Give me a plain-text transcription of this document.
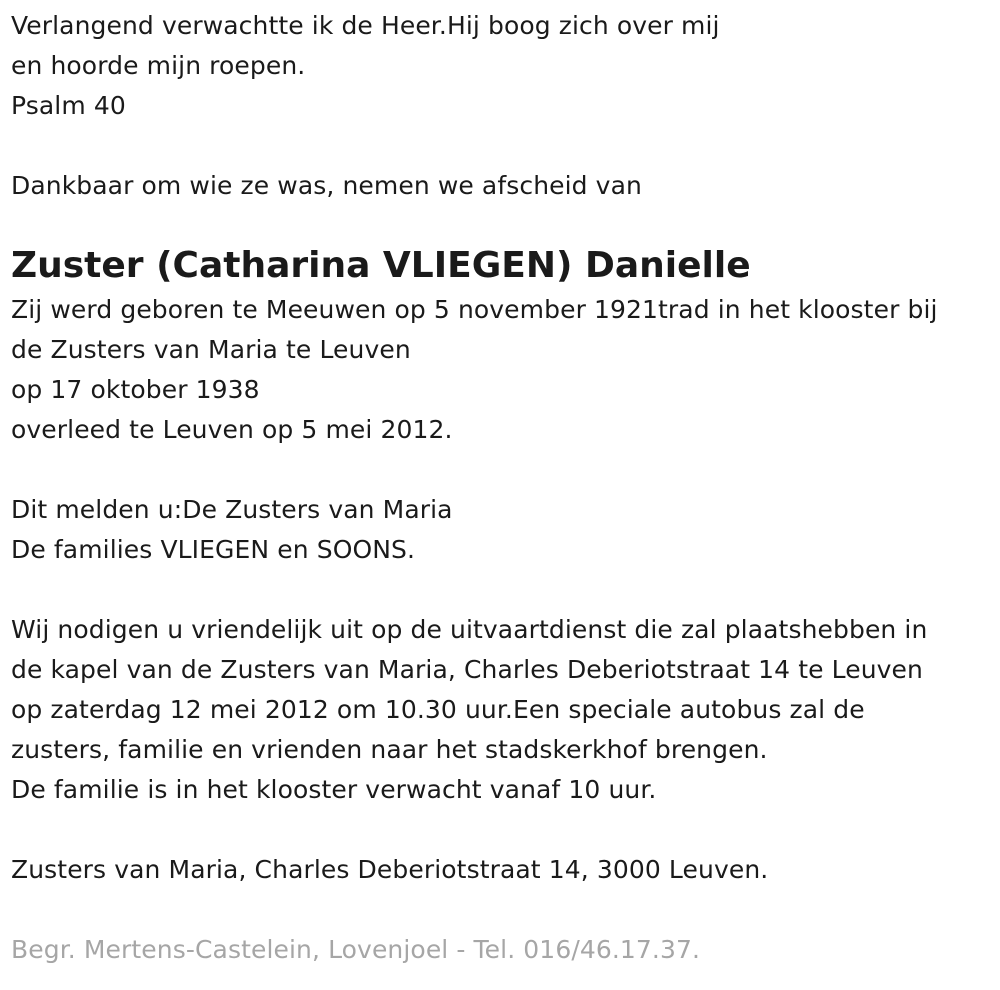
Verlangend verwachtte ik de Heer.Hij boog zich over mij
en hoorde mijn roepen.
Psalm 40
Dankbaar om wie ze was, nemen we afscheid van
Zuster (Catharina VLIEGEN) Danielle
Zij werd geboren te Meeuwen op 5 november 1921trad in het klooster bij
de Zusters van Maria te Leuven
op 17 oktober 1938
overleed te Leuven op 5 mei 2012.
Dit melden u:De Zusters van Maria
De families VLIEGEN en SOONS.
Wij nodigen u vriendelijk uit op de uitvaartdienst die zal plaatshebben in
de kapel van de Zusters van Maria, Charles Deberiotstraat 14 te Leuven
op zaterdag 12 mei 2012 om 10.30 uur.Een speciale autobus zal de
zusters, familie en vrienden naar het stadskerkhof brengen.
De familie is in het klooster verwacht vanaf 10 uur.
Zusters van Maria, Charles Deberiotstraat 14, 3000 Leuven.
Begr. Mertens-Castelein, Lovenjoel - Tel. 016/46.17.37.
